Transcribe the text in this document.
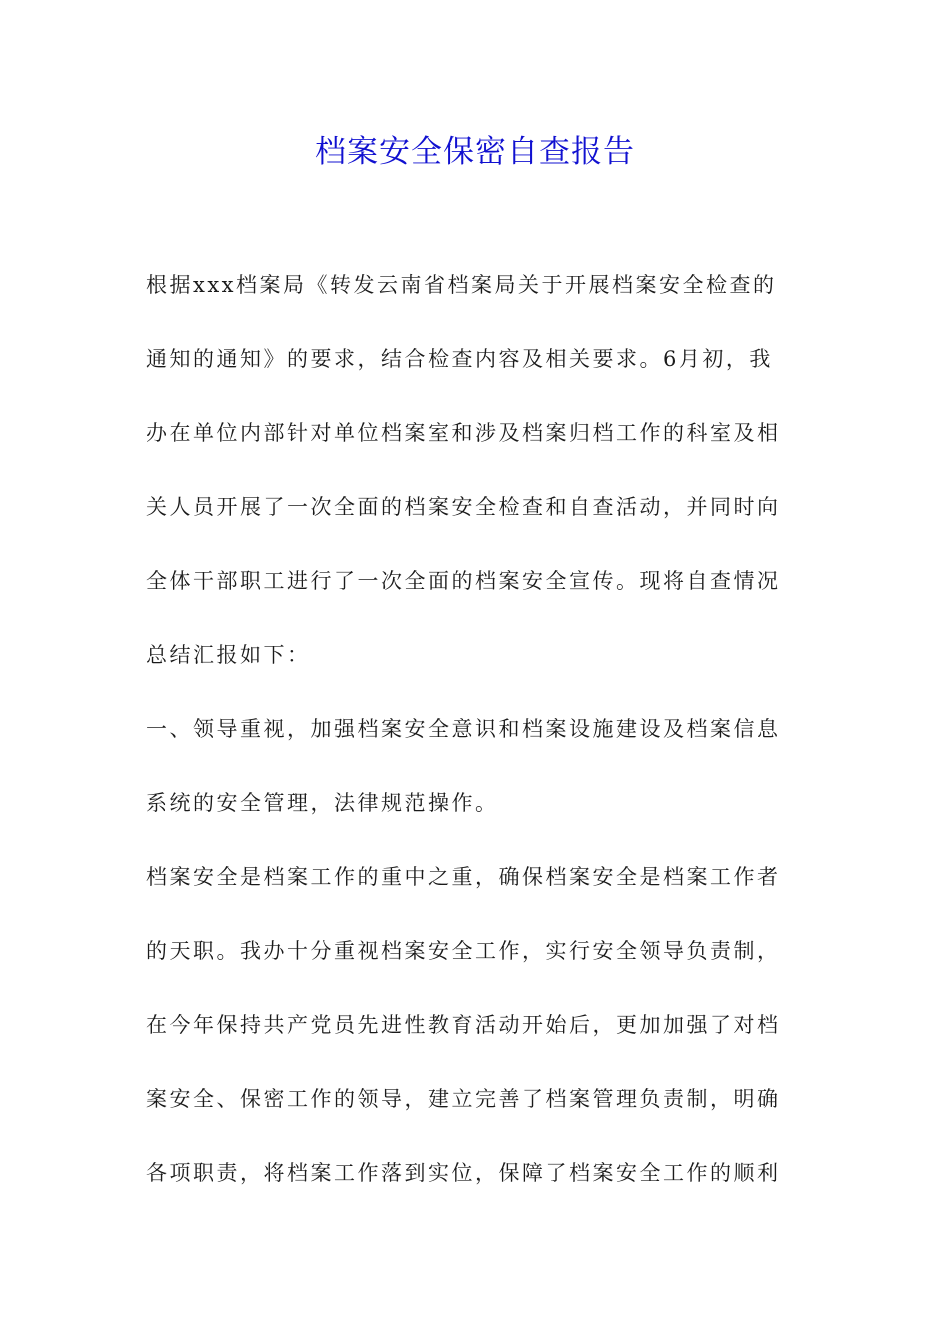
档案安全保密自查报告

根据xxx档案局《转发云南省档案局关于开展档案安全检查的

通知的通知》的要求，结合检查内容及相关要求。6月初，我

办在单位内部针对单位档案室和涉及档案归档工作的科室及相

关人员开展了一次全面的档案安全检查和自查活动，并同时向

全体干部职工进行了一次全面的档案安全宣传。现将自查情况

总结汇报如下：

一、领导重视，加强档案安全意识和档案设施建设及档案信息

系统的安全管理，法律规范操作。

档案安全是档案工作的重中之重，确保档案安全是档案工作者

的天职。我办十分重视档案安全工作，实行安全领导负责制，

在今年保持共产党员先进性教育活动开始后，更加加强了对档

案安全、保密工作的领导，建立完善了档案管理负责制，明确

各项职责，将档案工作落到实位，保障了档案安全工作的顺利
